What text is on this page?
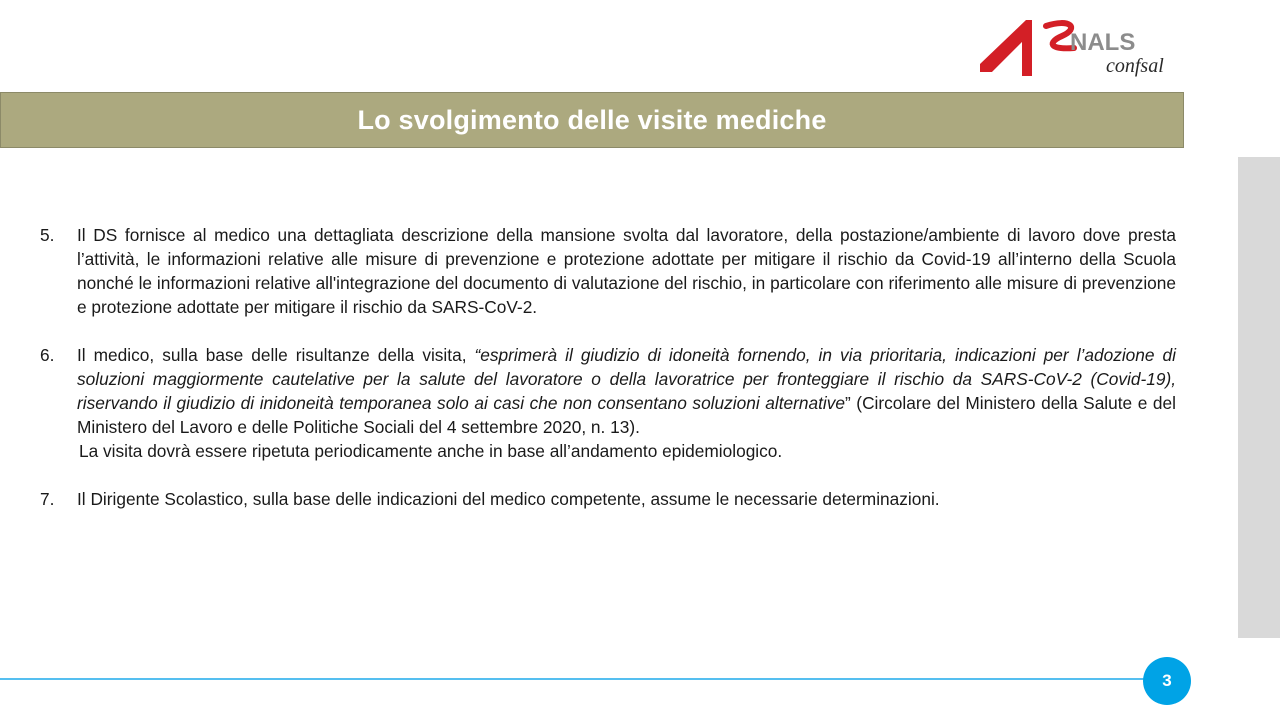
NALS
confsal
Lo svolgimento delle visite mediche
5.	Il DS fornisce al medico una dettagliata descrizione della mansione svolta dal lavoratore, della postazione/ambiente di lavoro dove presta l’attività, le informazioni relative alle misure di prevenzione e protezione adottate per mitigare il rischio da Covid-19 all’interno della Scuola nonché le informazioni relative all'integrazione del documento di valutazione del rischio, in particolare con riferimento alle misure di prevenzione e protezione adottate per mitigare il rischio da SARS-CoV-2.
6.	Il medico, sulla base delle risultanze della visita, “esprimerà il giudizio di idoneità fornendo, in via prioritaria, indicazioni per l’adozione di soluzioni maggiormente cautelative per la salute del lavoratore o della lavoratrice per fronteggiare il rischio da SARS-CoV-2 (Covid-19), riservando il giudizio di inidoneità temporanea solo ai casi che non consentano soluzioni alternative” (Circolare del Ministero della Salute e del Ministero del Lavoro e delle Politiche Sociali del 4 settembre 2020, n. 13).
La visita dovrà essere ripetuta periodicamente anche in base all’andamento epidemiologico.
7.	Il Dirigente Scolastico, sulla base delle indicazioni del medico competente, assume le necessarie determinazioni.
3
